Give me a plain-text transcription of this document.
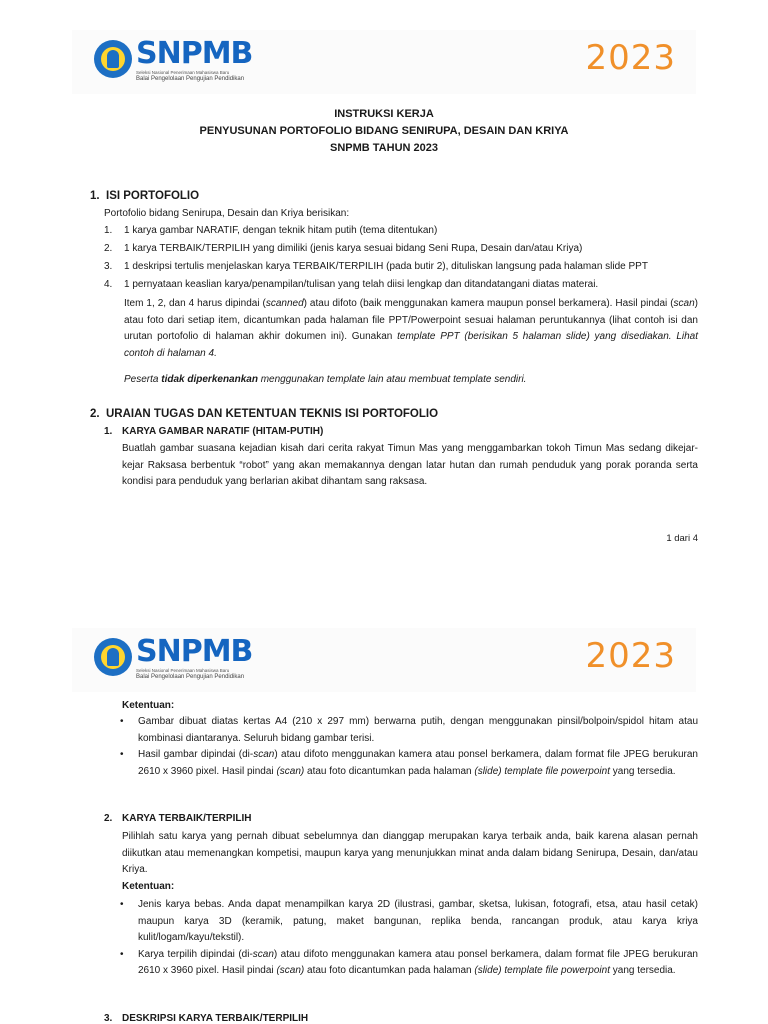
SNPMB
Seleksi Nasional Penerimaan Mahasiswa Baru
Balai Pengelolaan Pengujian Pendidikan
2023
INSTRUKSI KERJA
PENYUSUNAN PORTOFOLIO BIDANG SENIRUPA, DESAIN DAN KRIYA
SNPMB TAHUN 2023
1. ISI PORTOFOLIO
Portofolio bidang Senirupa, Desain dan Kriya berisikan:
1. 1 karya gambar NARATIF, dengan teknik hitam putih (tema ditentukan)
2. 1 karya TERBAIK/TERPILIH yang dimiliki (jenis karya sesuai bidang Seni Rupa, Desain dan/atau Kriya)
3. 1 deskripsi tertulis menjelaskan karya TERBAIK/TERPILIH (pada butir 2), dituliskan langsung pada halaman slide PPT
4. 1 pernyataan keaslian karya/penampilan/tulisan yang telah diisi lengkap dan ditandatangani diatas materai.
Item 1, 2, dan 4 harus dipindai (scanned) atau difoto (baik menggunakan kamera maupun ponsel berkamera). Hasil pindai (scan) atau foto dari setiap item, dicantumkan pada halaman file PPT/Powerpoint sesuai halaman peruntukannya (lihat contoh isi dan urutan portofolio di halaman akhir dokumen ini). Gunakan template PPT (berisikan 5 halaman slide) yang disediakan. Lihat contoh di halaman 4.
Peserta tidak diperkenankan menggunakan template lain atau membuat template sendiri.
2. URAIAN TUGAS DAN KETENTUAN TEKNIS ISI PORTOFOLIO
1. KARYA GAMBAR NARATIF (HITAM-PUTIH)
Buatlah gambar suasana kejadian kisah dari cerita rakyat Timun Mas yang menggambarkan tokoh Timun Mas sedang dikejar-kejar Raksasa berbentuk “robot” yang akan memakannya dengan latar hutan dan rumah penduduk yang porak poranda serta kondisi para penduduk yang berlarian akibat dihantam sang raksasa.
1 dari 4
SNPMB
Seleksi Nasional Penerimaan Mahasiswa Baru
Balai Pengelolaan Pengujian Pendidikan
2023
Ketentuan:
• Gambar dibuat diatas kertas A4 (210 x 297 mm) berwarna putih, dengan menggunakan pinsil/bolpoin/spidol hitam atau kombinasi diantaranya. Seluruh bidang gambar terisi.
• Hasil gambar dipindai (di-scan) atau difoto menggunakan kamera atau ponsel berkamera, dalam format file JPEG berukuran 2610 x 3960 pixel. Hasil pindai (scan) atau foto dicantumkan pada halaman (slide) template file powerpoint yang tersedia.
2. KARYA TERBAIK/TERPILIH
Pilihlah satu karya yang pernah dibuat sebelumnya dan dianggap merupakan karya terbaik anda, baik karena alasan pernah diikutkan atau memenangkan kompetisi, maupun karya yang menunjukkan minat anda dalam bidang Senirupa, Desain, dan/atau Kriya.
Ketentuan:
• Jenis karya bebas. Anda dapat menampilkan karya 2D (ilustrasi, gambar, sketsa, lukisan, fotografi, etsa, atau hasil cetak) maupun karya 3D (keramik, patung, maket bangunan, replika benda, rancangan produk, atau karya kriya kulit/logam/kayu/tekstil).
• Karya terpilih dipindai (di-scan) atau difoto menggunakan kamera atau ponsel berkamera, dalam format file JPEG berukuran 2610 x 3960 pixel. Hasil pindai (scan) atau foto dicantumkan pada halaman (slide) template file powerpoint yang tersedia.
3. DESKRIPSI KARYA TERBAIK/TERPILIH
